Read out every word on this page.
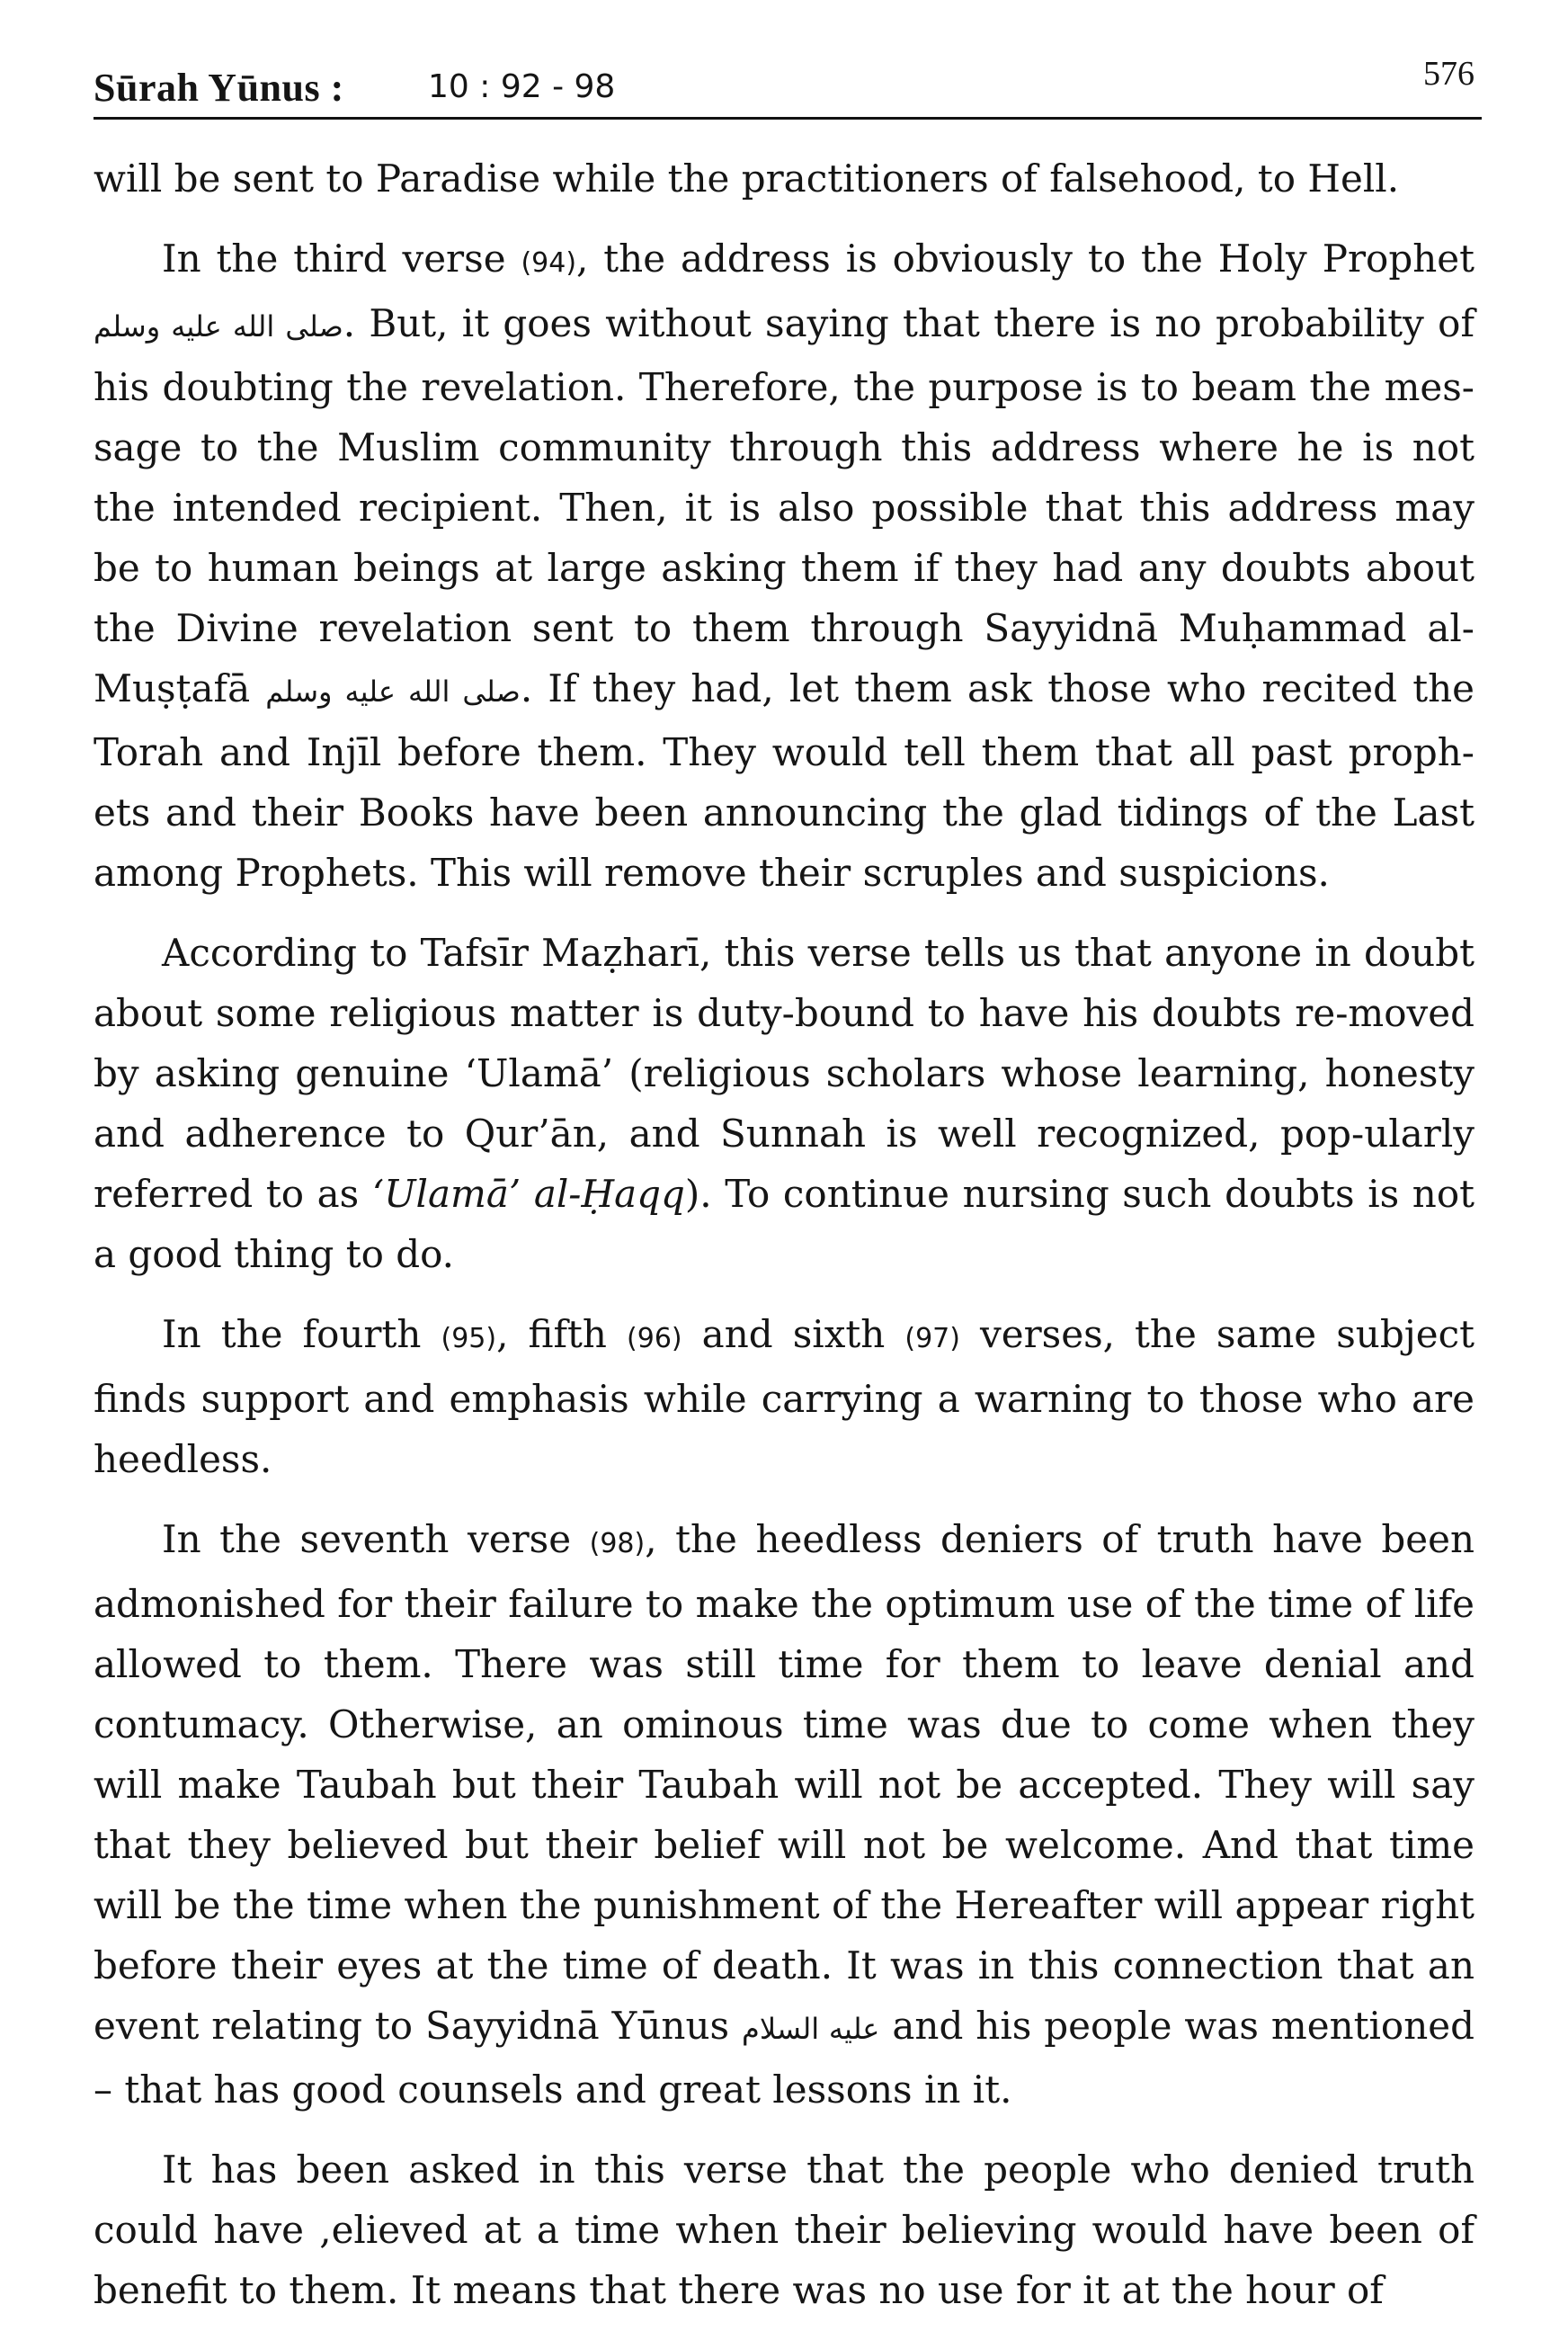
Sūrah Yūnus :	10 : 92 - 98	576

will be sent to Paradise while the practitioners of falsehood, to Hell.

In the third verse (94), the address is obviously to the Holy Prophet صلى الله عليه وسلم. But, it goes without saying that there is no probability of his doubting the revelation. Therefore, the purpose is to beam the mes-sage to the Muslim community through this address where he is not the intended recipient. Then, it is also possible that this address may be to human beings at large asking them if they had any doubts about the Divine revelation sent to them through Sayyidnā Muḥammad al-Muṣṭafā صلى الله عليه وسلم. If they had, let them ask those who recited the Torah and Injīl before them. They would tell them that all past proph-ets and their Books have been announcing the glad tidings of the Last among Prophets. This will remove their scruples and suspicions.

According to Tafsīr Maẓharī, this verse tells us that anyone in doubt about some religious matter is duty-bound to have his doubts re-moved by asking genuine ‘Ulamā’ (religious scholars whose learning, honesty and adherence to Qur’ān, and Sunnah is well recognized, pop-ularly referred to as ‘Ulamā’ al-Ḥaqq). To continue nursing such doubts is not a good thing to do.

In the fourth (95), fifth (96) and sixth (97) verses, the same subject finds support and emphasis while carrying a warning to those who are heedless.

In the seventh verse (98), the heedless deniers of truth have been admonished for their failure to make the optimum use of the time of life allowed to them. There was still time for them to leave denial and contumacy. Otherwise, an ominous time was due to come when they will make Taubah but their Taubah will not be accepted. They will say that they believed but their belief will not be welcome. And that time will be the time when the punishment of the Hereafter will appear right before their eyes at the time of death. It was in this connection that an event relating to Sayyidnā Yūnus عليه السلام and his people was mentioned – that has good counsels and great lessons in it.

It has been asked in this verse that the people who denied truth could have ,elieved at a time when their believing would have been of benefit to them. It means that there was no use for it at the hour of
